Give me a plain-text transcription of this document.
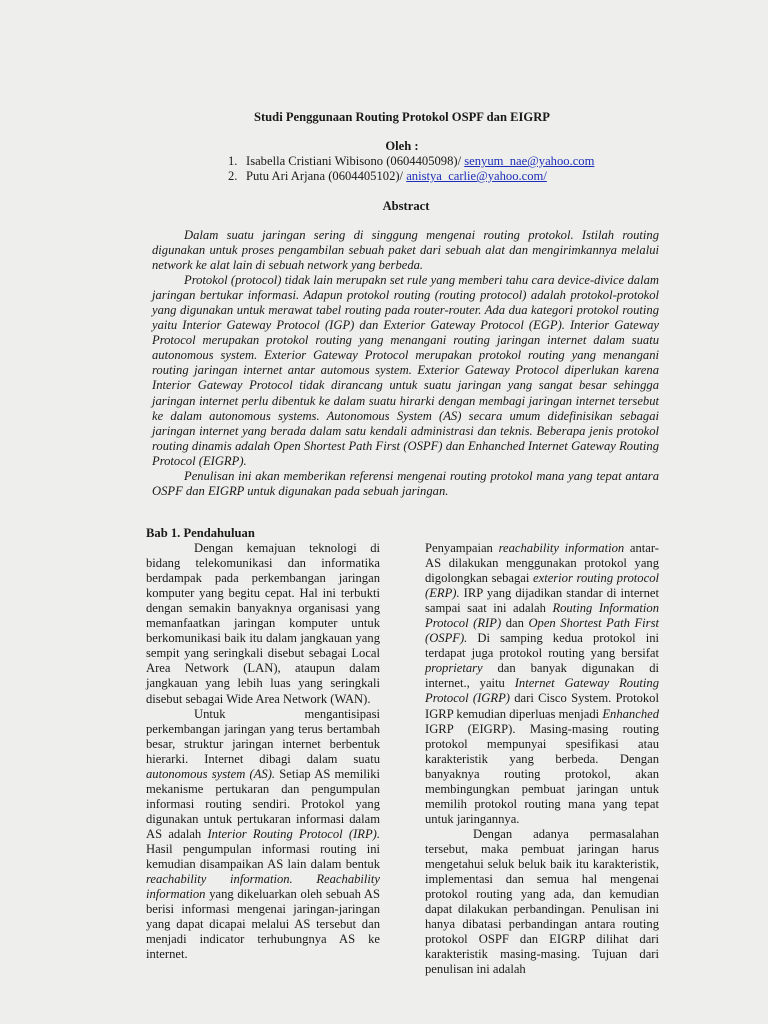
Studi Penggunaan Routing Protokol OSPF dan EIGRP
Oleh :
1. Isabella Cristiani Wibisono (0604405098)/ senyum_nae@yahoo.com
2. Putu Ari Arjana (0604405102)/ anistya_carlie@yahoo.com/
Abstract

Dalam suatu jaringan sering di singgung mengenai routing protokol. Istilah routing digunakan untuk proses pengambilan sebuah paket dari sebuah alat dan mengirimkannya melalui network ke alat lain di sebuah network yang berbeda.

Protokol (protocol) tidak lain merupakn set rule yang memberi tahu cara device-divice dalam jaringan bertukar informasi. Adapun protokol routing (routing protocol) adalah protokol-protokol yang digunakan untuk merawat tabel routing pada router-router. Ada dua kategori protokol routing yaitu Interior Gateway Protocol (IGP) dan Exterior Gateway Protocol (EGP). Interior Gateway Protocol merupakan protokol routing yang menangani routing jaringan internet dalam suatu autonomous system. Exterior Gateway Protocol merupakan protokol routing yang menangani routing jaringan internet antar automous system. Exterior Gateway Protocol diperlukan karena Interior Gateway Protocol tidak dirancang untuk suatu jaringan yang sangat besar sehingga jaringan internet perlu dibentuk ke dalam suatu hirarki dengan membagi jaringan internet tersebut ke dalam autonomous systems. Autonomous System (AS) secara umum didefinisikan sebagai jaringan internet yang berada dalam satu kendali administrasi dan teknis. Beberapa jenis protokol routing dinamis adalah Open Shortest Path First (OSPF) dan Enhanched Internet Gateway Routing Protocol (EIGRP).

Penulisan ini akan memberikan referensi mengenai routing protokol mana yang tepat antara OSPF dan EIGRP untuk digunakan pada sebuah jaringan.

Bab 1. Pendahuluan

Dengan kemajuan teknologi di bidang telekomunikasi dan informatika berdampak pada perkembangan jaringan komputer yang begitu cepat. Hal ini terbukti dengan semakin banyaknya organisasi yang memanfaatkan jaringan komputer untuk berkomunikasi baik itu dalam jangkauan yang sempit yang seringkali disebut sebagai Local Area Network (LAN), ataupun dalam jangkauan yang lebih luas yang seringkali disebut sebagai Wide Area Network (WAN).

Untuk mengantisipasi perkembangan jaringan yang terus bertambah besar, struktur jaringan internet berbentuk hierarki. Internet dibagi dalam suatu autonomous system (AS). Setiap AS memiliki mekanisme pertukaran dan pengumpulan informasi routing sendiri. Protokol yang digunakan untuk pertukaran informasi dalam AS adalah Interior Routing Protocol (IRP). Hasil pengumpulan informasi routing ini kemudian disampaikan AS lain dalam bentuk reachability information. Reachability information yang dikeluarkan oleh sebuah AS berisi informasi mengenai jaringan-jaringan yang dapat dicapai melalui AS tersebut dan menjadi indicator terhubungnya AS ke internet.

Penyampaian reachability information antar-AS dilakukan menggunakan protokol yang digolongkan sebagai exterior routing protocol (ERP). IRP yang dijadikan standar di internet sampai saat ini adalah Routing Information Protocol (RIP) dan Open Shortest Path First (OSPF). Di samping kedua protokol ini terdapat juga protokol routing yang bersifat proprietary dan banyak digunakan di internet., yaitu Internet Gateway Routing Protocol (IGRP) dari Cisco System. Protokol IGRP kemudian diperluas menjadi Enhanched IGRP (EIGRP). Masing-masing routing protokol mempunyai spesifikasi atau karakteristik yang berbeda. Dengan banyaknya routing protokol, akan membingungkan pembuat jaringan untuk memilih protokol routing mana yang tepat untuk jaringannya.

Dengan adanya permasalahan tersebut, maka pembuat jaringan harus mengetahui seluk beluk baik itu karakteristik, implementasi dan semua hal mengenai protokol routing yang ada, dan kemudian dapat dilakukan perbandingan. Penulisan ini hanya dibatasi perbandingan antara routing protokol OSPF dan EIGRP dilihat dari karakteristik masing-masing. Tujuan dari penulisan ini adalah
